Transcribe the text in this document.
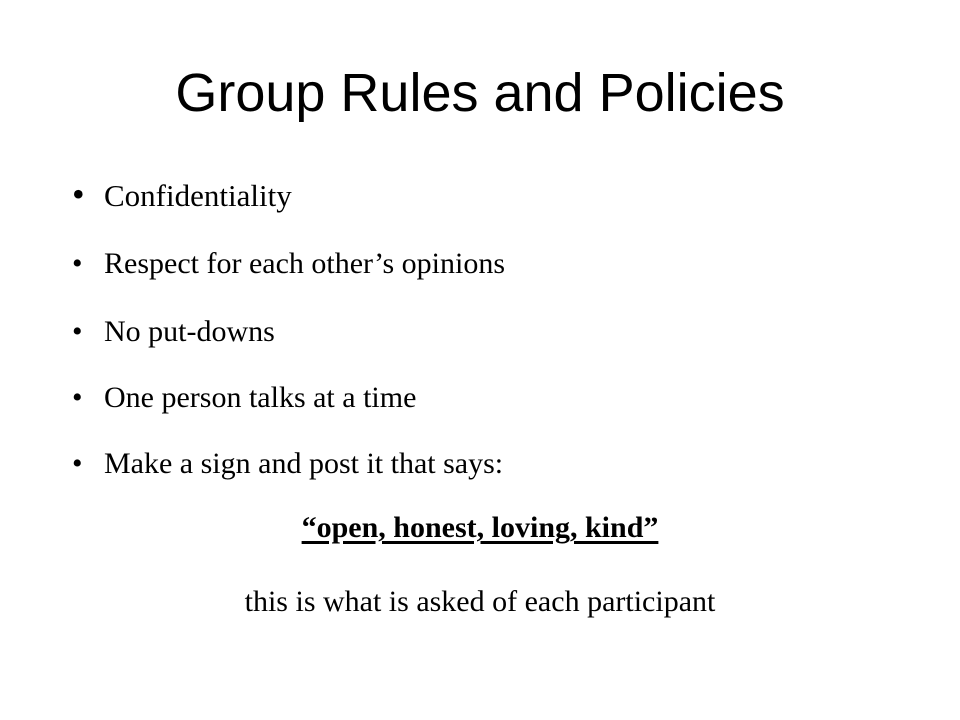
Group Rules and Policies
• Confidentiality
• Respect for each other’s opinions
• No put-downs
• One person talks at a time
• Make a sign and post it that says:
“open, honest, loving, kind”
this is what is asked of each participant
